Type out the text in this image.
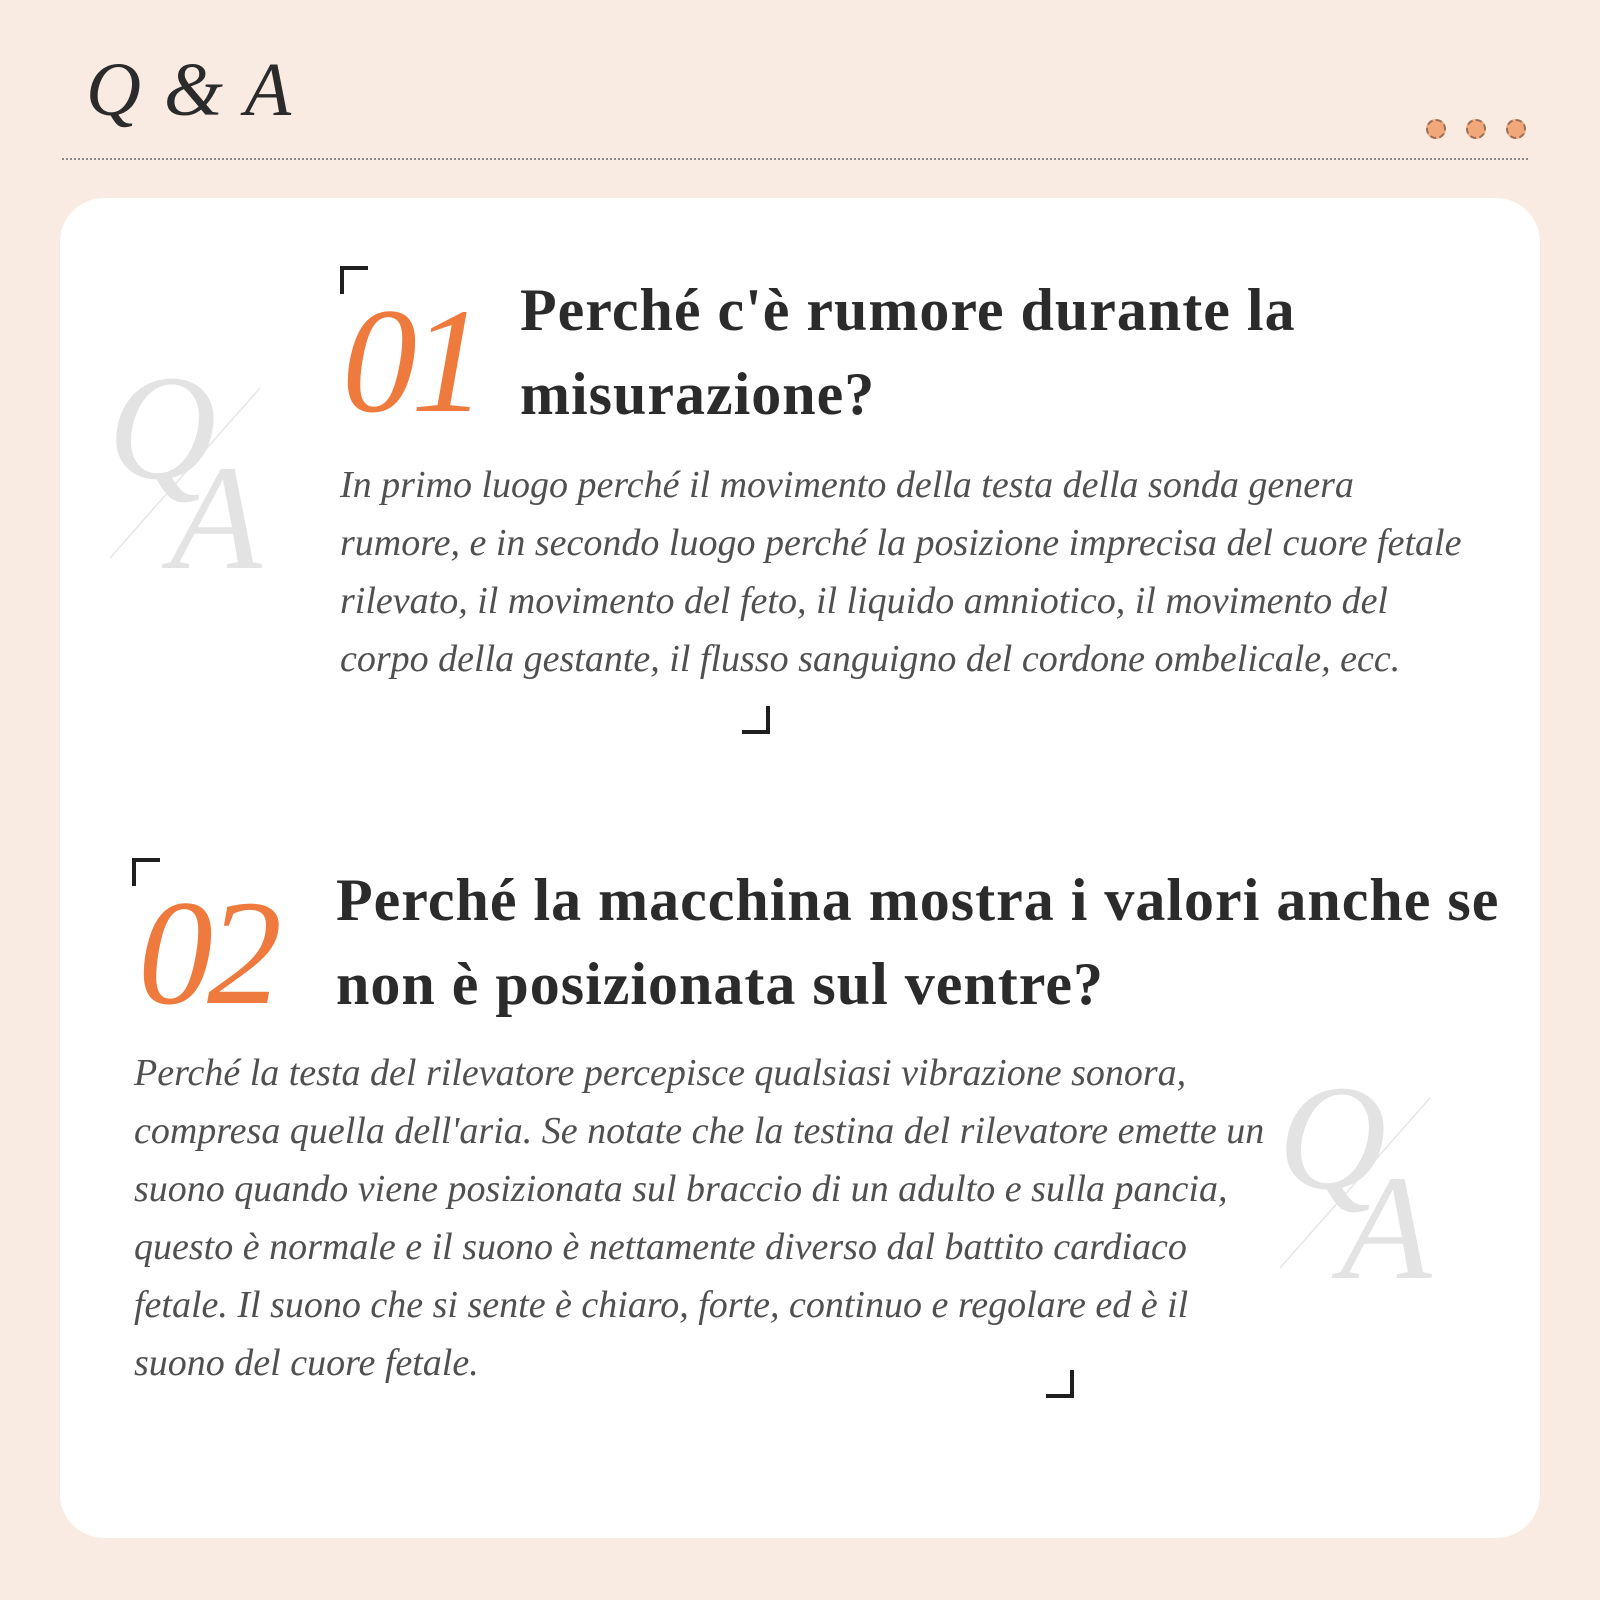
Q & A
Q
A
Q
A
01 Perché c'è rumore durante la misurazione?
In primo luogo perché il movimento della testa della sonda genera rumore, e in secondo luogo perché la posizione imprecisa del cuore fetale rilevato, il movimento del feto, il liquido amniotico, il movimento del corpo della gestante, il flusso sanguigno del cordone ombelicale, ecc.
02 Perché la macchina mostra i valori anche se non è posizionata sul ventre?
Perché la testa del rilevatore percepisce qualsiasi vibrazione sonora, compresa quella dell'aria. Se notate che la testina del rilevatore emette un suono quando viene posizionata sul braccio di un adulto e sulla pancia, questo è normale e il suono è nettamente diverso dal battito cardiaco fetale. Il suono che si sente è chiaro, forte, continuo e regolare ed è il suono del cuore fetale.
